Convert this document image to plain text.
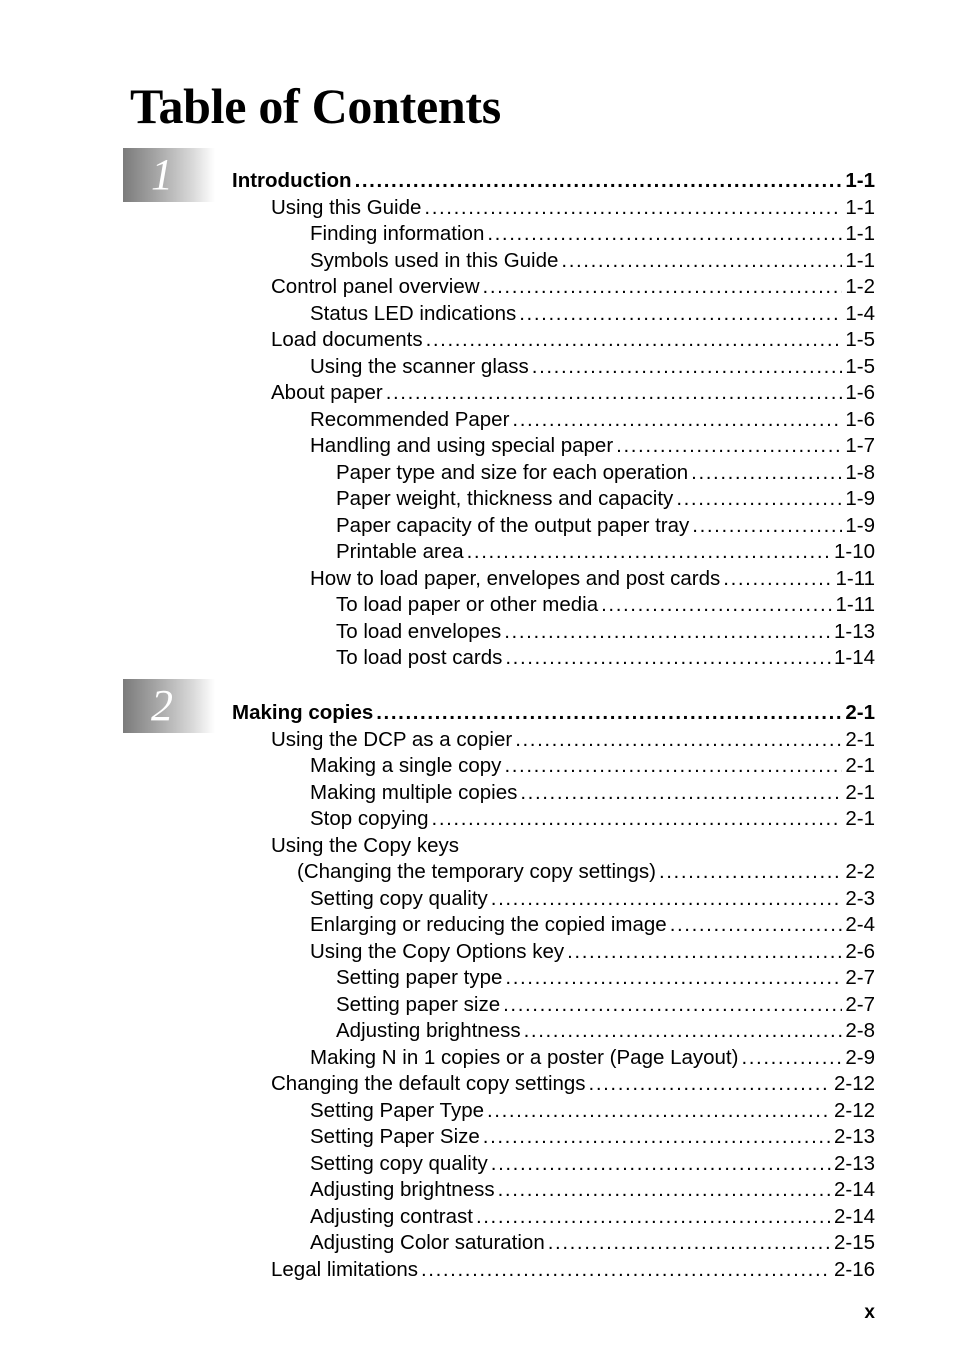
Table of Contents
1
2
Introduction .....	1-1
Using this Guide .....	1-1
Finding information .....	1-1
Symbols used in this Guide .....	1-1
Control panel overview .....	1-2
Status LED indications .....	1-4
Load documents .....	1-5
Using the scanner glass .....	1-5
About paper .....	1-6
Recommended Paper .....	1-6
Handling and using special paper .....	1-7
Paper type and size for each operation .....	1-8
Paper weight, thickness and capacity .....	1-9
Paper capacity of the output paper tray .....	1-9
Printable area .....	1-10
How to load paper, envelopes and post cards .....	1-11
To load paper or other media .....	1-11
To load envelopes .....	1-13
To load post cards .....	1-14
Making copies .....	2-1
Using the DCP as a copier .....	2-1
Making a single copy .....	2-1
Making multiple copies .....	2-1
Stop copying .....	2-1
Using the Copy keys
(Changing the temporary copy settings) .....	2-2
Setting copy quality .....	2-3
Enlarging or reducing the copied image .....	2-4
Using the Copy Options key .....	2-6
Setting paper type .....	2-7
Setting paper size .....	2-7
Adjusting brightness .....	2-8
Making N in 1 copies or a poster (Page Layout) .....	2-9
Changing the default copy settings .....	2-12
Setting Paper Type .....	2-12
Setting Paper Size .....	2-13
Setting copy quality .....	2-13
Adjusting brightness .....	2-14
Adjusting contrast .....	2-14
Adjusting Color saturation .....	2-15
Legal limitations .....	2-16
x
